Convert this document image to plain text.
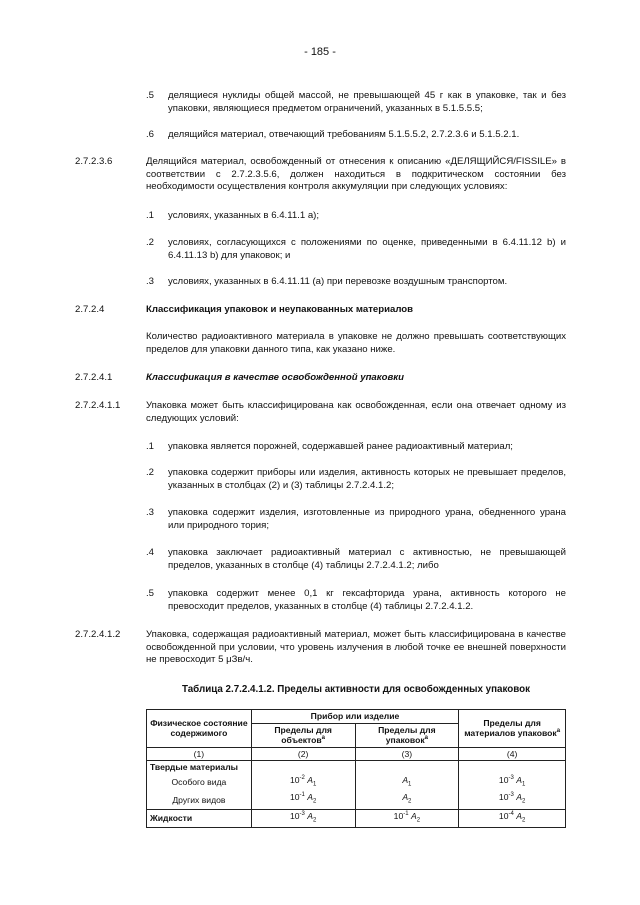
- 185 -
.5 делящиеся нуклиды общей массой, не превышающей 45 г как в упаковке, так и без упаковки, являющиеся предметом ограничений, указанных в 5.1.5.5.5;
.6 делящийся материал, отвечающий требованиям 5.1.5.5.2, 2.7.2.3.6 и 5.1.5.2.1.
2.7.2.3.6	Делящийся материал, освобожденный от отнесения к описанию «ДЕЛЯЩИЙСЯ/FISSILE» в соответствии с 2.7.2.3.5.6, должен находиться в подкритическом состоянии без необходимости осуществления контроля аккумуляции при следующих условиях:
.1 условиях, указанных в 6.4.11.1 a);
.2 условиях, согласующихся с положениями по оценке, приведенными в 6.4.11.12 b) и 6.4.11.13 b) для упаковок; и
.3 условиях, указанных в 6.4.11.11 (a) при перевозке воздушным транспортом.
2.7.2.4	Классификация упаковок и неупакованных материалов
Количество радиоактивного материала в упаковке не должно превышать соответствующих пределов для упаковки данного типа, как указано ниже.
2.7.2.4.1	Классификация в качестве освобожденной упаковки
2.7.2.4.1.1	Упаковка может быть классифицирована как освобожденная, если она отвечает одному из следующих условий:
.1 упаковка является порожней, содержавшей ранее радиоактивный материал;
.2 упаковка содержит приборы или изделия, активность которых не превышает пределов, указанных в столбцах (2) и (3) таблицы 2.7.2.4.1.2;
.3 упаковка содержит изделия, изготовленные из природного урана, обедненного урана или природного тория;
.4 упаковка заключает радиоактивный материал с активностью, не превышающей пределов, указанных в столбце (4) таблицы 2.7.2.4.1.2; либо
.5 упаковка содержит менее 0,1 кг гексафторида урана, активность которого не превосходит пределов, указанных в столбце (4) таблицы 2.7.2.4.1.2.
2.7.2.4.1.2	Упаковка, содержащая радиоактивный материал, может быть классифицирована в качестве освобожденной при условии, что уровень излучения в любой точке ее внешней поверхности не превосходит 5 μЗв/ч.
Таблица 2.7.2.4.1.2. Пределы активности для освобожденных упаковок
Физическое состояние содержимого	Прибор или изделие		Пределы для материалов упаковок$^a$
	Пределы для объектов$^a$	Пределы для упаковок$^a$
(1)	(2)	(3)	(4)
Твердые материалы			
Особого вида	$10^{-2}$ $A_1$	$A_1$	$10^{-3}$ $A_1$
Других видов	$10^{-1}$ $A_2$	$A_2$	$10^{-3}$ $A_2$
Жидкости	$10^{-3}$ $A_2$	$10^{-1}$ $A_2$	$10^{-4}$ $A_2$
